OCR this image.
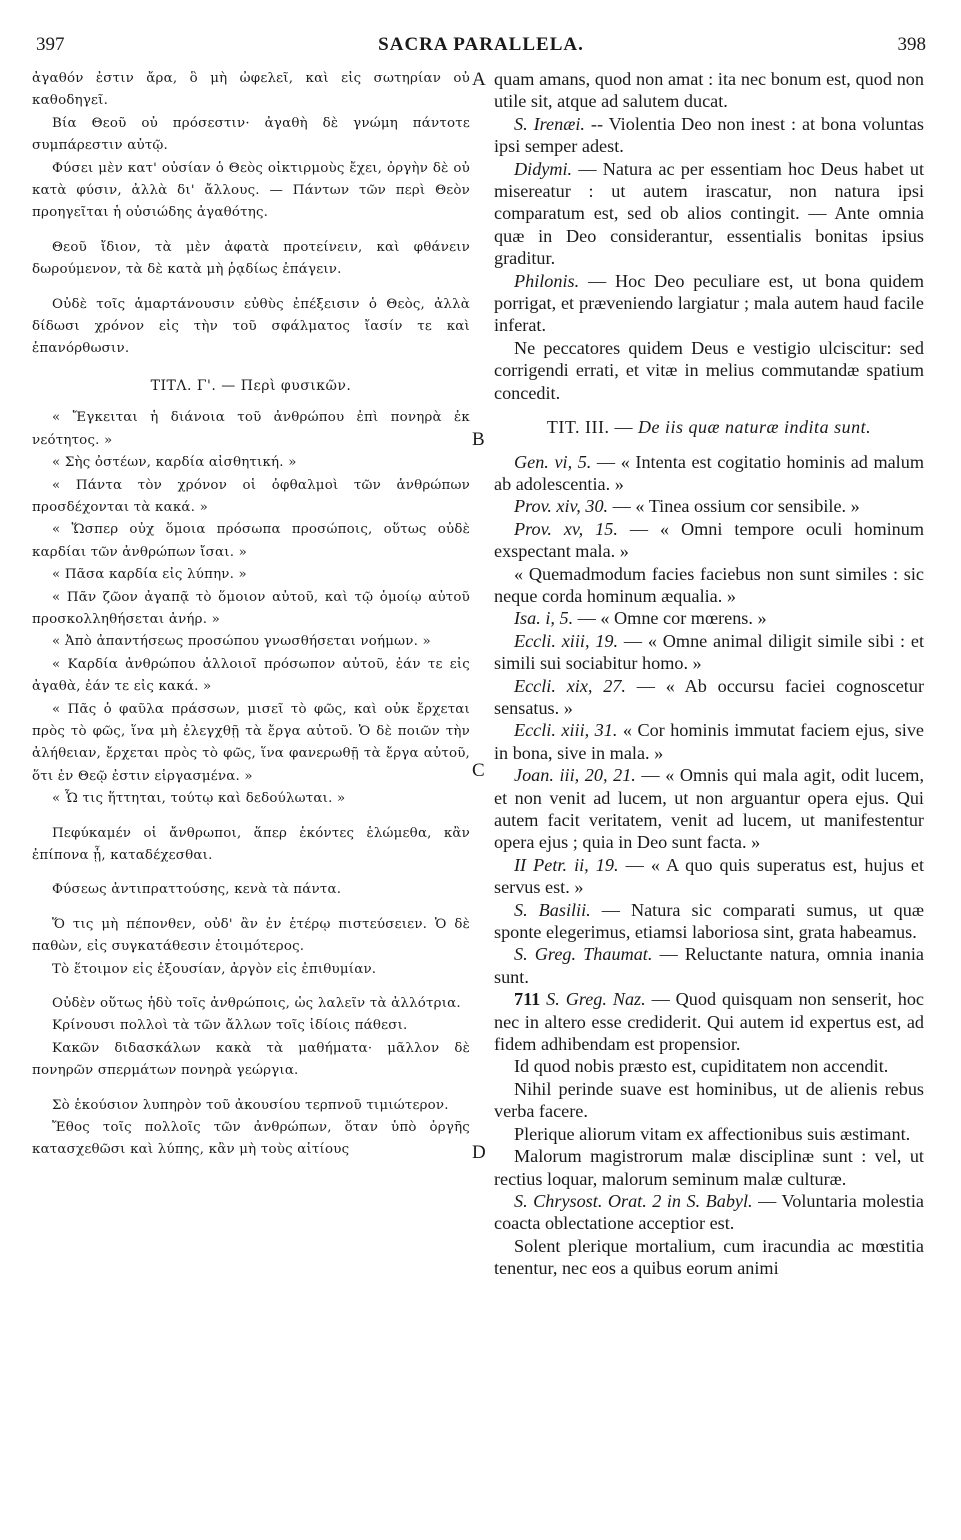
397	SACRA PARALLELA.	398
A
B
C
D

ἀγαθόν ἐστιν ἄρα, ὃ μὴ ὠφελεῖ, καὶ εἰς σωτηρίαν οὐ καθοδηγεῖ.

Βία Θεοῦ οὐ πρόσεστιν· ἀγαθὴ δὲ γνώμη πάντοτε συμπάρεστιν αὐτῷ.

Φύσει μὲν κατ' οὐσίαν ὁ Θεὸς οἰκτιρμοὺς ἔχει, ὀργὴν δὲ οὐ κατὰ φύσιν, ἀλλὰ δι' ἄλλους. — Πάντων τῶν περὶ Θεὸν προηγεῖται ἡ οὐσιώδης ἀγαθότης.

Θεοῦ ἴδιον, τὰ μὲν ἀφατὰ προτείνειν, καὶ φθάνειν δωρούμενον, τὰ δὲ κατὰ μὴ ῥᾳδίως ἐπάγειν.

Οὐδὲ τοῖς ἁμαρτάνουσιν εὐθὺς ἐπέξεισιν ὁ Θεὸς, ἀλλὰ δίδωσι χρόνον εἰς τὴν τοῦ σφάλματος ἴασίν τε καὶ ἐπανόρθωσιν.

ΤΙΤΛ. Γ'. — Περὶ φυσικῶν.

« Ἔγκειται ἡ διάνοια τοῦ ἀνθρώπου ἐπὶ πονηρὰ ἐκ νεότητος. »

« Σὴς ὀστέων, καρδία αἰσθητική. »

« Πάντα τὸν χρόνον οἱ ὀφθαλμοὶ τῶν ἀνθρώπων προσδέχονται τὰ κακά. »

« Ὥσπερ οὐχ ὅμοια πρόσωπα προσώποις, οὕτως οὐδὲ καρδίαι τῶν ἀνθρώπων ἴσαι. »

« Πᾶσα καρδία εἰς λύπην. »

« Πᾶν ζῶον ἀγαπᾷ τὸ ὅμοιον αὐτοῦ, καὶ τῷ ὁμοίῳ αὐτοῦ προσκολληθήσεται ἀνήρ. »

« Ἀπὸ ἀπαντήσεως προσώπου γνωσθήσεται νοήμων. »

« Καρδία ἀνθρώπου ἀλλοιοῖ πρόσωπον αὐτοῦ, ἐάν τε εἰς ἀγαθὰ, ἐάν τε εἰς κακά. »

« Πᾶς ὁ φαῦλα πράσσων, μισεῖ τὸ φῶς, καὶ οὐκ ἔρχεται πρὸς τὸ φῶς, ἵνα μὴ ἐλεγχθῇ τὰ ἔργα αὐτοῦ. Ὁ δὲ ποιῶν τὴν ἀλήθειαν, ἔρχεται πρὸς τὸ φῶς, ἵνα φανερωθῇ τὰ ἔργα αὐτοῦ, ὅτι ἐν Θεῷ ἐστιν εἰργασμένα. »

« Ὧ τις ἥττηται, τούτῳ καὶ δεδούλωται. »

Πεφύκαμέν οἱ ἄνθρωποι, ἅπερ ἑκόντες ἑλώμεθα, κἂν ἐπίπονα ᾖ, καταδέχεσθαι.

Φύσεως ἀντιπραττούσης, κενὰ τὰ πάντα.

Ὅ τις μὴ πέπονθεν, οὐδ' ἂν ἐν ἑτέρῳ πιστεύσειεν. Ὁ δὲ παθὼν, εἰς συγκατάθεσιν ἑτοιμότερος.

Τὸ ἕτοιμον εἰς ἐξουσίαν, ἀργὸν εἰς ἐπιθυμίαν.

Οὐδὲν οὕτως ἡδὺ τοῖς ἀνθρώποις, ὡς λαλεῖν τὰ ἀλλότρια.

Κρίνουσι πολλοὶ τὰ τῶν ἄλλων τοῖς ἰδίοις πάθεσι.

Κακῶν διδασκάλων κακὰ τὰ μαθήματα· μᾶλλον δὲ πονηρῶν σπερμάτων πονηρὰ γεώργια.

Σὸ ἑκούσιον λυπηρὸν τοῦ ἀκουσίου τερπνοῦ τιμιώτερον.

Ἔθος τοῖς πολλοῖς τῶν ἀνθρώπων, ὅταν ὑπὸ ὀργῆς κατασχεθῶσι καὶ λύπης, κἂν μὴ τοὺς αἰτίους

quam amans, quod non amat : ita nec bonum est, quod non utile sit, atque ad salutem ducat.

S. Irenæi. -- Violentia Deo non inest : at bona voluntas ipsi semper adest.

Didymi. — Natura ac per essentiam hoc Deus habet ut misereatur : ut autem irascatur, non natura ipsi comparatum est, sed ob alios contingit. — Ante omnia quæ in Deo considerantur, essentialis bonitas ipsius graditur.

Philonis. — Hoc Deo peculiare est, ut bona quidem porrigat, et præveniendo largiatur ; mala autem haud facile inferat.

Ne peccatores quidem Deus e vestigio ulciscitur: sed corrigendi errati, et vitæ in melius commutandæ spatium concedit.

TIT. III. — De iis quæ naturæ indita sunt.

Gen. vi, 5. — « Intenta est cogitatio hominis ad malum ab adolescentia. »

Prov. xiv, 30. — « Tinea ossium cor sensibile. »

Prov. xv, 15. — « Omni tempore oculi hominum exspectant mala. »

« Quemadmodum facies faciebus non sunt similes : sic neque corda hominum æqualia. »

Isa. i, 5. — « Omne cor mœrens. »

Eccli. xiii, 19. — « Omne animal diligit simile sibi : et simili sui sociabitur homo. »

Eccli. xix, 27. — « Ab occursu faciei cognoscetur sensatus. »

Eccli. xiii, 31. « Cor hominis immutat faciem ejus, sive in bona, sive in mala. »

Joan. iii, 20, 21. — « Omnis qui mala agit, odit lucem, et non venit ad lucem, ut non arguantur opera ejus. Qui autem facit veritatem, venit ad lucem, ut manifestentur opera ejus ; quia in Deo sunt facta. »

II Petr. ii, 19. — « A quo quis superatus est, hujus et servus est. »

S. Basilii. — Natura sic comparati sumus, ut quæ sponte elegerimus, etiamsi laboriosa sint, grata habeamus.

S. Greg. Thaumat. — Reluctante natura, omnia inania sunt.

711 S. Greg. Naz. — Quod quisquam non senserit, hoc nec in altero esse crediderit. Qui autem id expertus est, ad fidem adhibendam est propensior.

Id quod nobis præsto est, cupiditatem non accendit.

Nihil perinde suave est hominibus, ut de alienis rebus verba facere.

Plerique aliorum vitam ex affectionibus suis æstimant.

Malorum magistrorum malæ disciplinæ sunt : vel, ut rectius loquar, malorum seminum malæ culturæ.

S. Chrysost. Orat. 2 in S. Babyl. — Voluntaria molestia coacta oblectatione acceptior est.

Solent plerique mortalium, cum iracundia ac mœstitia tenentur, nec eos a quibus eorum animi
